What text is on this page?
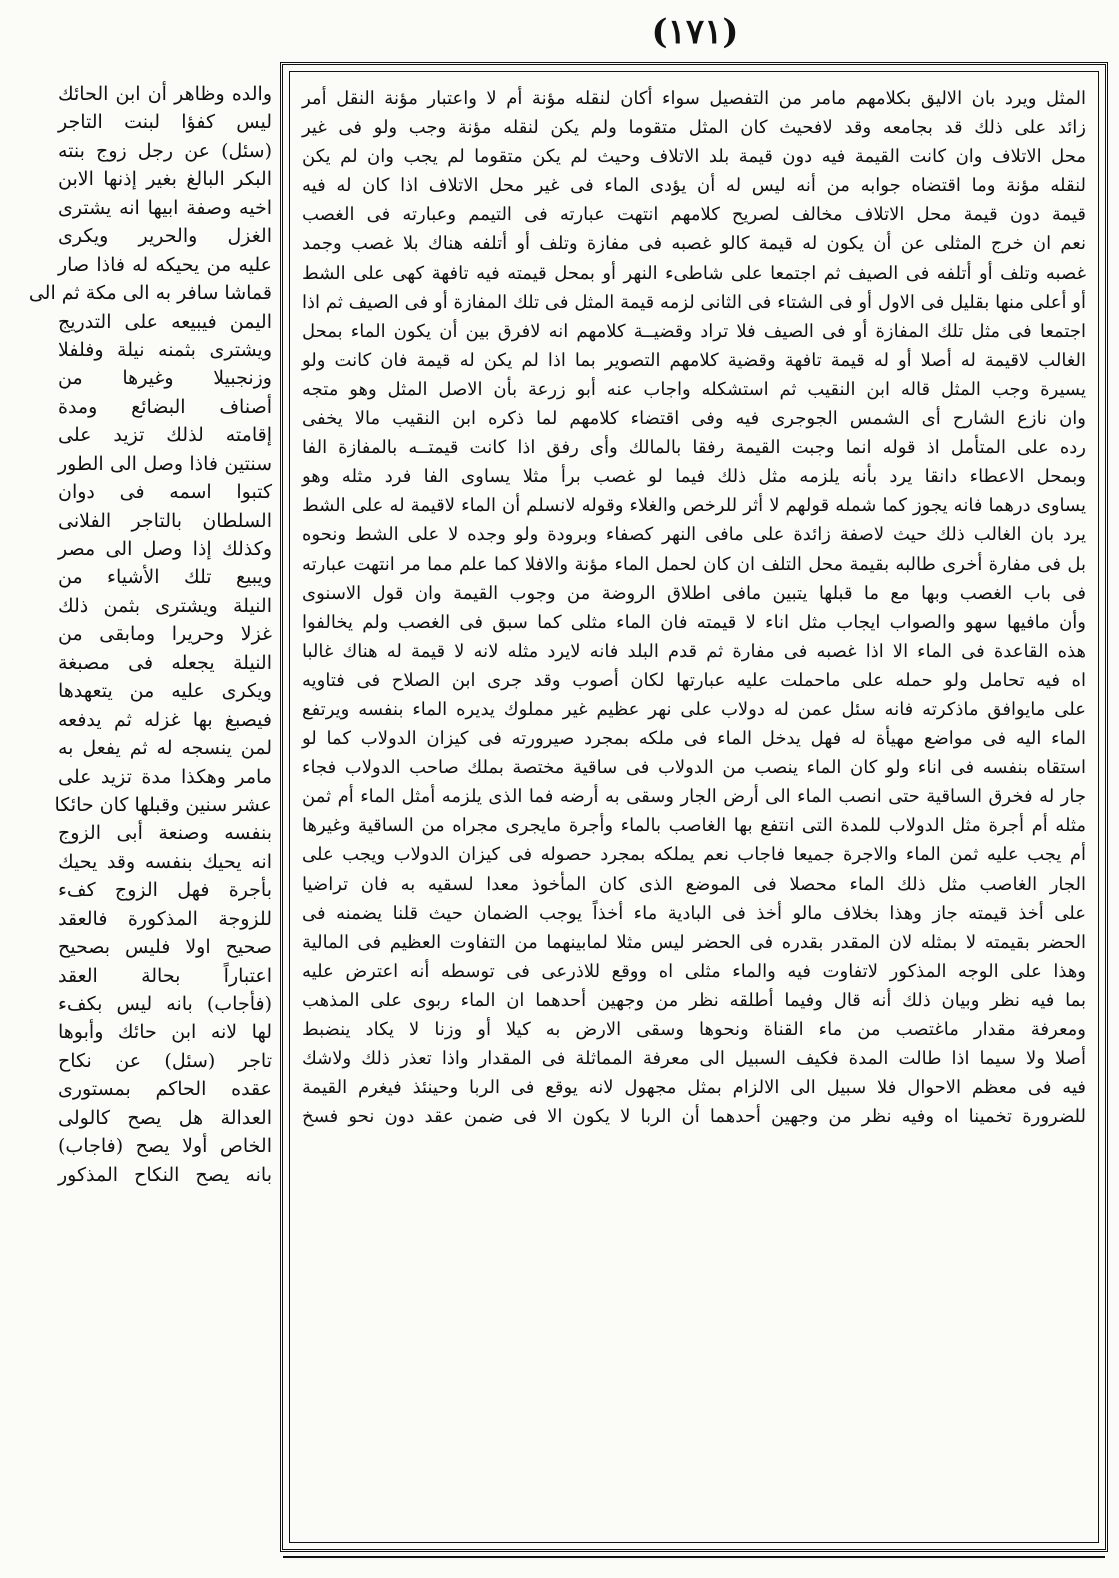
(١٧١)
والده وظاهر أن ابن الحائك
ليس كفؤا لبنت التاجر
(سئل) عن رجل زوج بنته
البكر البالغ بغير إذنها الابن
اخيه وصفة ابيها انه يشترى
الغزل والحرير ويكرى
عليه من يحيكه له فاذا صار
قماشا سافر به الى مكة ثم الى
اليمن فيبيعه على التدريج
ويشترى بثمنه نيلة وفلفلا
وزنجبيلا وغيرها من
أصناف البضائع ومدة
إقامته لذلك تزيد على
سنتين فاذا وصل الى الطور
كتبوا اسمه فى دوان
السلطان بالتاجر الفلانى
وكذلك إذا وصل الى مصر
ويبيع تلك الأشياء من
النيلة ويشترى بثمن ذلك
غزلا وحريرا ومابقى من
النيلة يجعله فى مصبغة
ويكرى عليه من يتعهدها
فيصبغ بها غزله ثم يدفعه
لمن ينسجه له ثم يفعل به
مامر وهكذا مدة تزيد على
عشر سنين وقبلها كان حائكا
بنفسه وصنعة أبى الزوج
انه يحيك بنفسه وقد يحيك
بأجرة فهل الزوج كفء
للزوجة المذكورة فالعقد
صحيح اولا فليس بصحيح
اعتباراً بحالة العقد
(فأجاب) بانه ليس بكفء
لها لانه ابن حائك وأبوها
تاجر (سئل) عن نكاح
عقده الحاكم بمستورى
العدالة هل يصح كالولى
الخاص أولا يصح (فاجاب)
بانه يصح النكاح المذكور
المثل ويرد بان الاليق بكلامهم مامر من التفصيل سواء أكان لنقله مؤنة أم لا واعتبار مؤنة النقل أمر
زائد على ذلك قد بجامعه وقد لافحيث كان المثل متقوما ولم يكن لنقله مؤنة وجب ولو فى غير
محل الاتلاف وان كانت القيمة فيه دون قيمة بلد الاتلاف وحيث لم يكن متقوما لم يجب وان لم يكن
لنقله مؤنة وما اقتضاه جوابه من أنه ليس له أن يؤدى الماء فى غير محل الاتلاف اذا كان له فيه
قيمة دون قيمة محل الاتلاف مخالف لصريح كلامهم انتهت عبارته فى التيمم وعبارته فى الغصب
نعم ان خرج المثلى عن أن يكون له قيمة كالو غصبه فى مفازة وتلف أو أتلفه هناك بلا غصب وجمد
غصبه وتلف أو أتلفه فى الصيف ثم اجتمعا على شاطىء النهر أو بمحل قيمته فيه تافهة كهى على الشط
أو أعلى منها بقليل فى الاول أو فى الشتاء فى الثانى لزمه قيمة المثل فى تلك المفازة أو فى الصيف ثم اذا
اجتمعا فى مثل تلك المفازة أو فى الصيف فلا تراد وقضيــة كلامهم انه لافرق بين أن يكون الماء بمحل
الغالب لاقيمة له أصلا أو له قيمة تافهة وقضية كلامهم التصوير بما اذا لم يكن له قيمة فان كانت ولو
يسيرة وجب المثل قاله ابن النقيب ثم استشكله واجاب عنه أبو زرعة بأن الاصل المثل وهو متجه
وان نازع الشارح أى الشمس الجوجرى فيه وفى اقتضاء كلامهم لما ذكره ابن النقيب مالا يخفى
رده على المتأمل اذ قوله انما وجبت القيمة رفقا بالمالك وأى رفق اذا كانت قيمتــه بالمفازة الفا
وبمحل الاعطاء دانقا يرد بأنه يلزمه مثل ذلك فيما لو غصب برأ مثلا يساوى الفا فرد مثله وهو
يساوى درهما فانه يجوز كما شمله قولهم لا أثر للرخص والغلاء وقوله لانسلم أن الماء لاقيمة له على الشط
يرد بان الغالب ذلك حيث لاصفة زائدة على مافى النهر كصفاء وبرودة ولو وجده لا على الشط ونحوه
بل فى مفارة أخرى طالبه بقيمة محل التلف ان كان لحمل الماء مؤنة والافلا كما علم مما مر انتهت عبارته
فى باب الغصب وبها مع ما قبلها يتبين مافى اطلاق الروضة من وجوب القيمة وان قول الاسنوى
وأن مافيها سهو والصواب ايجاب مثل اناء لا قيمته فان الماء مثلى كما سبق فى الغصب ولم يخالفوا
هذه القاعدة فى الماء الا اذا غصبه فى مفارة ثم قدم البلد فانه لايرد مثله لانه لا قيمة له هناك غالبا
اه فيه تحامل ولو حمله على ماحملت عليه عبارتها لكان أصوب وقد جرى ابن الصلاح فى فتاويه
على مايوافق ماذكرته فانه سئل عمن له دولاب على نهر عظيم غير مملوك يديره الماء بنفسه ويرتفع
الماء اليه فى مواضع مهيأة له فهل يدخل الماء فى ملكه بمجرد صيرورته فى كيزان الدولاب كما لو
استقاه بنفسه فى اناء ولو كان الماء ينصب من الدولاب فى ساقية مختصة بملك صاحب الدولاب فجاء
جار له فخرق الساقية حتى انصب الماء الى أرض الجار وسقى به أرضه فما الذى يلزمه أمثل الماء أم ثمن
مثله أم أجرة مثل الدولاب للمدة التى انتفع بها الغاصب بالماء وأجرة مايجرى مجراه من الساقية وغيرها
أم يجب عليه ثمن الماء والاجرة جميعا فاجاب نعم يملكه بمجرد حصوله فى كيزان الدولاب ويجب على
الجار الغاصب مثل ذلك الماء محصلا فى الموضع الذى كان المأخوذ معدا لسقيه به فان تراضيا
على أخذ قيمته جاز وهذا بخلاف مالو أخذ فى البادية ماء أخذاً يوجب الضمان حيث قلنا يضمنه فى
الحضر بقيمته لا بمثله لان المقدر بقدره فى الحضر ليس مثلا لمابينهما من التفاوت العظيم فى المالية
وهذا على الوجه المذكور لاتفاوت فيه والماء مثلى اه ووقع للاذرعى فى توسطه أنه اعترض عليه
بما فيه نظر وبيان ذلك أنه قال وفيما أطلقه نظر من وجهين أحدهما ان الماء ربوى على المذهب
ومعرفة مقدار ماغتصب من ماء القناة ونحوها وسقى الارض به كيلا أو وزنا لا يكاد ينضبط
أصلا ولا سيما اذا طالت المدة فكيف السبيل الى معرفة المماثلة فى المقدار واذا تعذر ذلك ولاشك
فيه فى معظم الاحوال فلا سبيل الى الالزام بمثل مجهول لانه يوقع فى الربا وحينئذ فيغرم القيمة
للضرورة تخمينا اه وفيه نظر من وجهين أحدهما أن الربا لا يكون الا فى ضمن عقد دون نحو فسخ
